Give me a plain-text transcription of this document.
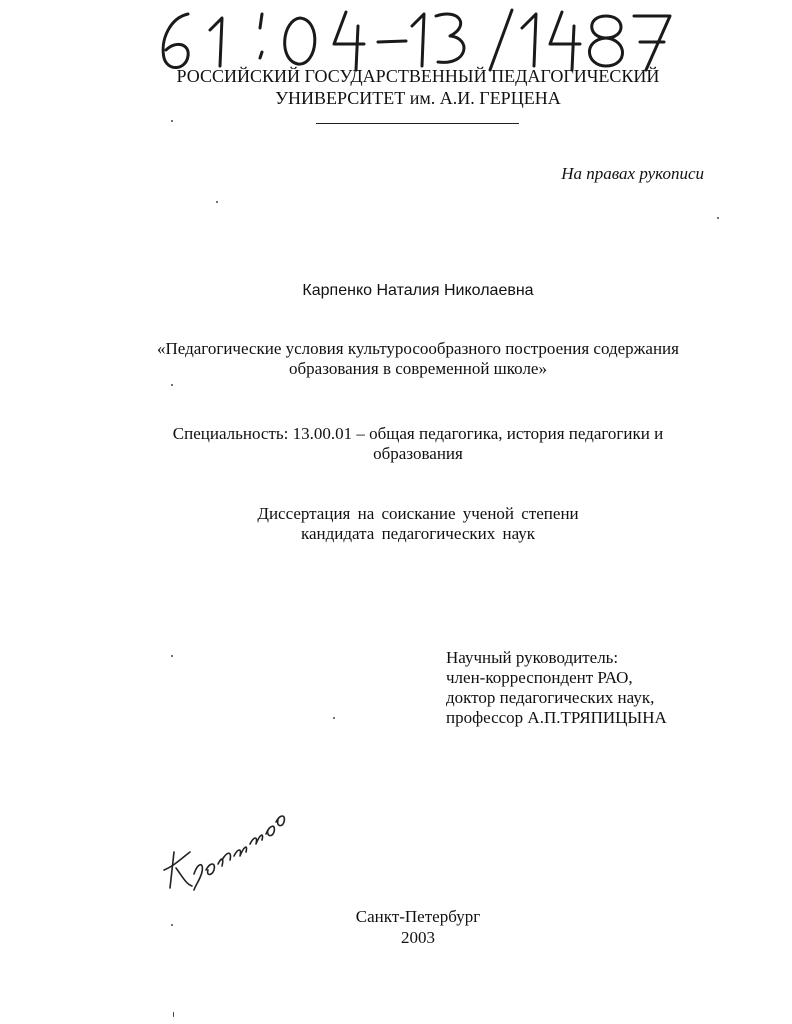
РОССИЙСКИЙ ГОСУДАРСТВЕННЫЙ ПЕДАГОГИЧЕСКИЙ
УНИВЕРСИТЕТ им. А.И. ГЕРЦЕНА
На правах рукописи
Карпенко Наталия Николаевна
«Педагогические условия культуросообразного построения содержания
образования в современной школе»
Специальность: 13.00.01 – общая педагогика, история педагогики и
образования
Диссертация на соискание ученой степени
кандидата педагогических наук
Научный руководитель:
член-корреспондент РАО,
доктор педагогических наук,
профессор А.П.ТРЯПИЦЫНА
Санкт-Петербург
2003
